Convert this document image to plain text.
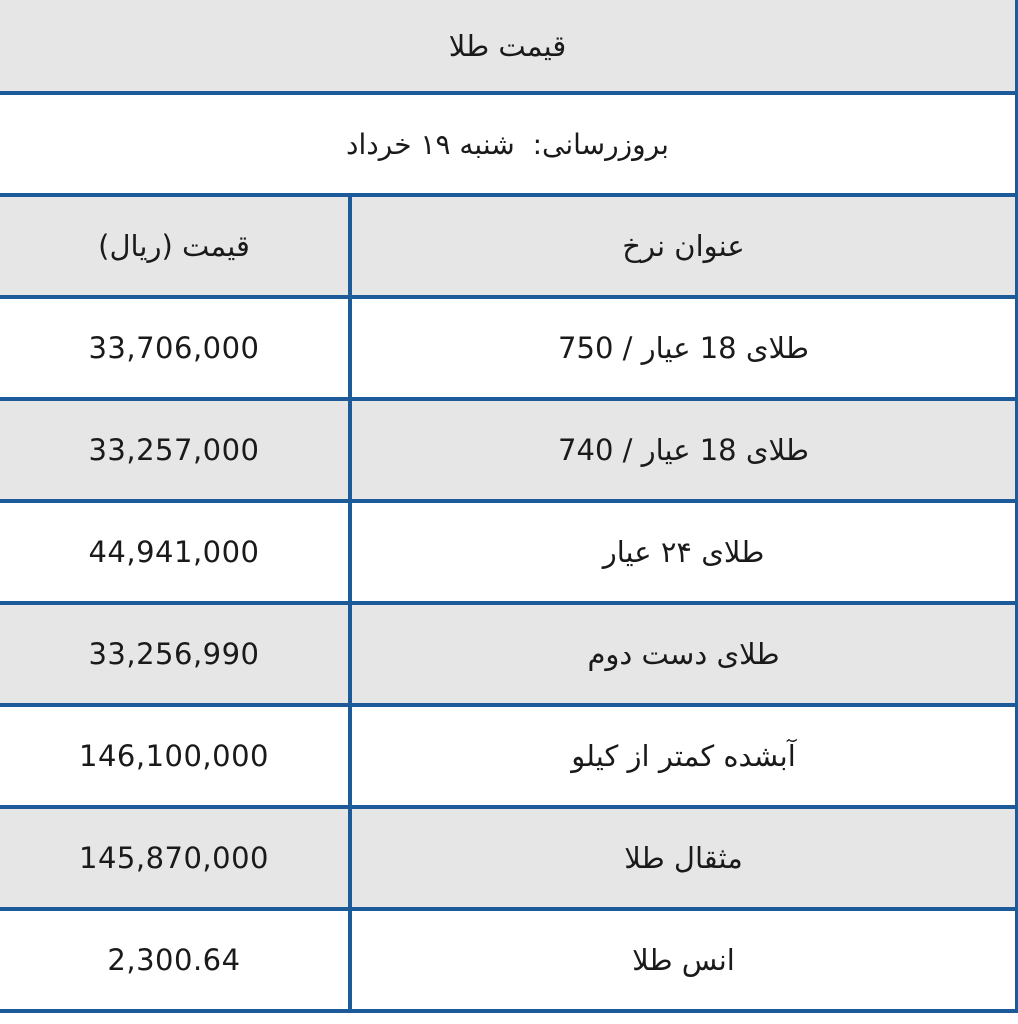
قیمت طلا	
بروزرسانی:  شنبه ۱۹ خرداد	
قیمت (ریال)	عنوان نرخ
33,706,000	طلای 18 عیار / 750
33,257,000	طلای 18 عیار / 740
44,941,000	طلای ۲۴ عیار
33,256,990	طلای دست دوم
146,100,000	آبشده کمتر از کیلو
145,870,000	مثقال طلا
2,300.64	انس طلا
